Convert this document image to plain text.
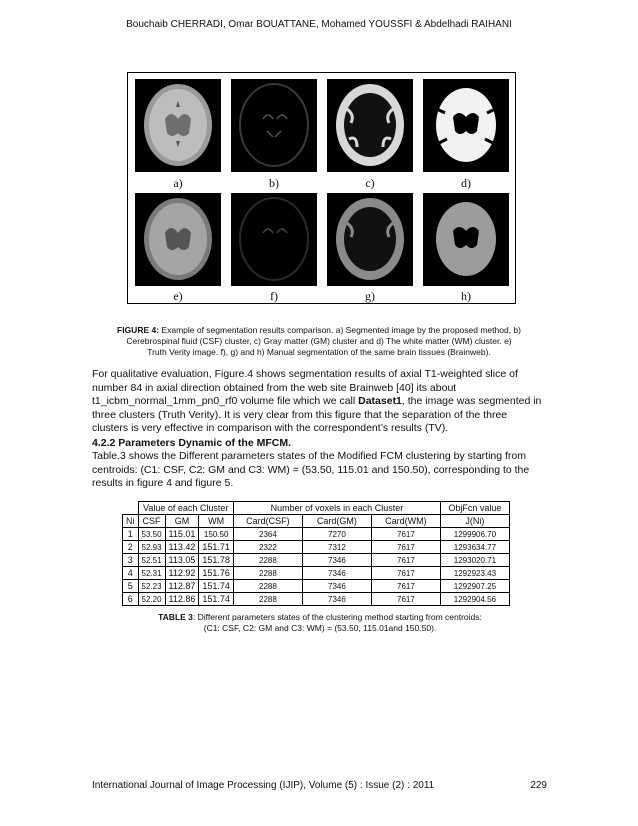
Bouchaib CHERRADI, Omar BOUATTANE, Mohamed YOUSSFI & Abdelhadi RAIHANI
a)	b)	c)	d)
e)	f)	g)	h)
FIGURE 4: Example of segmentation results comparison. a) Segmented image by the proposed method, b)
Cerebrospinal fluid (CSF) cluster, c) Gray matter (GM) cluster and d) The white matter (WM) cluster. e)
Truth Verity image. f), g) and h) Manual segmentation of the same brain tissues (Brainweb).
For qualitative evaluation, Figure.4 shows segmentation results of axial T1-weighted slice of
number 84 in axial direction obtained from the web site Brainweb [40] its about
t1_icbm_normal_1mm_pn0_rf0 volume file which we call Dataset1, the image was segmented in
three clusters (Truth Verity). It is very clear from this figure that the separation of the three
clusters is very effective in comparison with the correspondent’s results (TV).
4.2.2 Parameters Dynamic of the MFCM.
Table.3 shows the Different parameters states of the Modified FCM clustering by starting from
centroids: (C1: CSF, C2: GM and C3: WM) = (53.50, 115.01 and 150.50), corresponding to the
results in figure 4 and figure 5.
	Value of each Cluster			Number of voxels in each Cluster			ObjFcn value
Ni	CSF	GM	WM	Card(CSF)	Card(GM)	Card(WM)	J(Ni)
1	53.50	115.01	150.50	2364	7270	7617	1299906.70
2	52.93	113.42	151.71	2322	7312	7617	1293634.77
3	52.51	113.05	151.78	2288	7346	7617	1293020.71
4	52.31	112.92	151.76	2288	7346	7617	1292923.43
5	52.23	112.87	151.74	2288	7346	7617	1292907.25
6	52.20	112.86	151.74	2288	7346	7617	1292904.56
TABLE 3: Different parameters states of the clustering method starting from centroids:
(C1: CSF, C2: GM and C3: WM) = (53.50, 115.01and 150.50).
International Journal of Image Processing (IJIP), Volume (5) : Issue (2) : 2011	229
